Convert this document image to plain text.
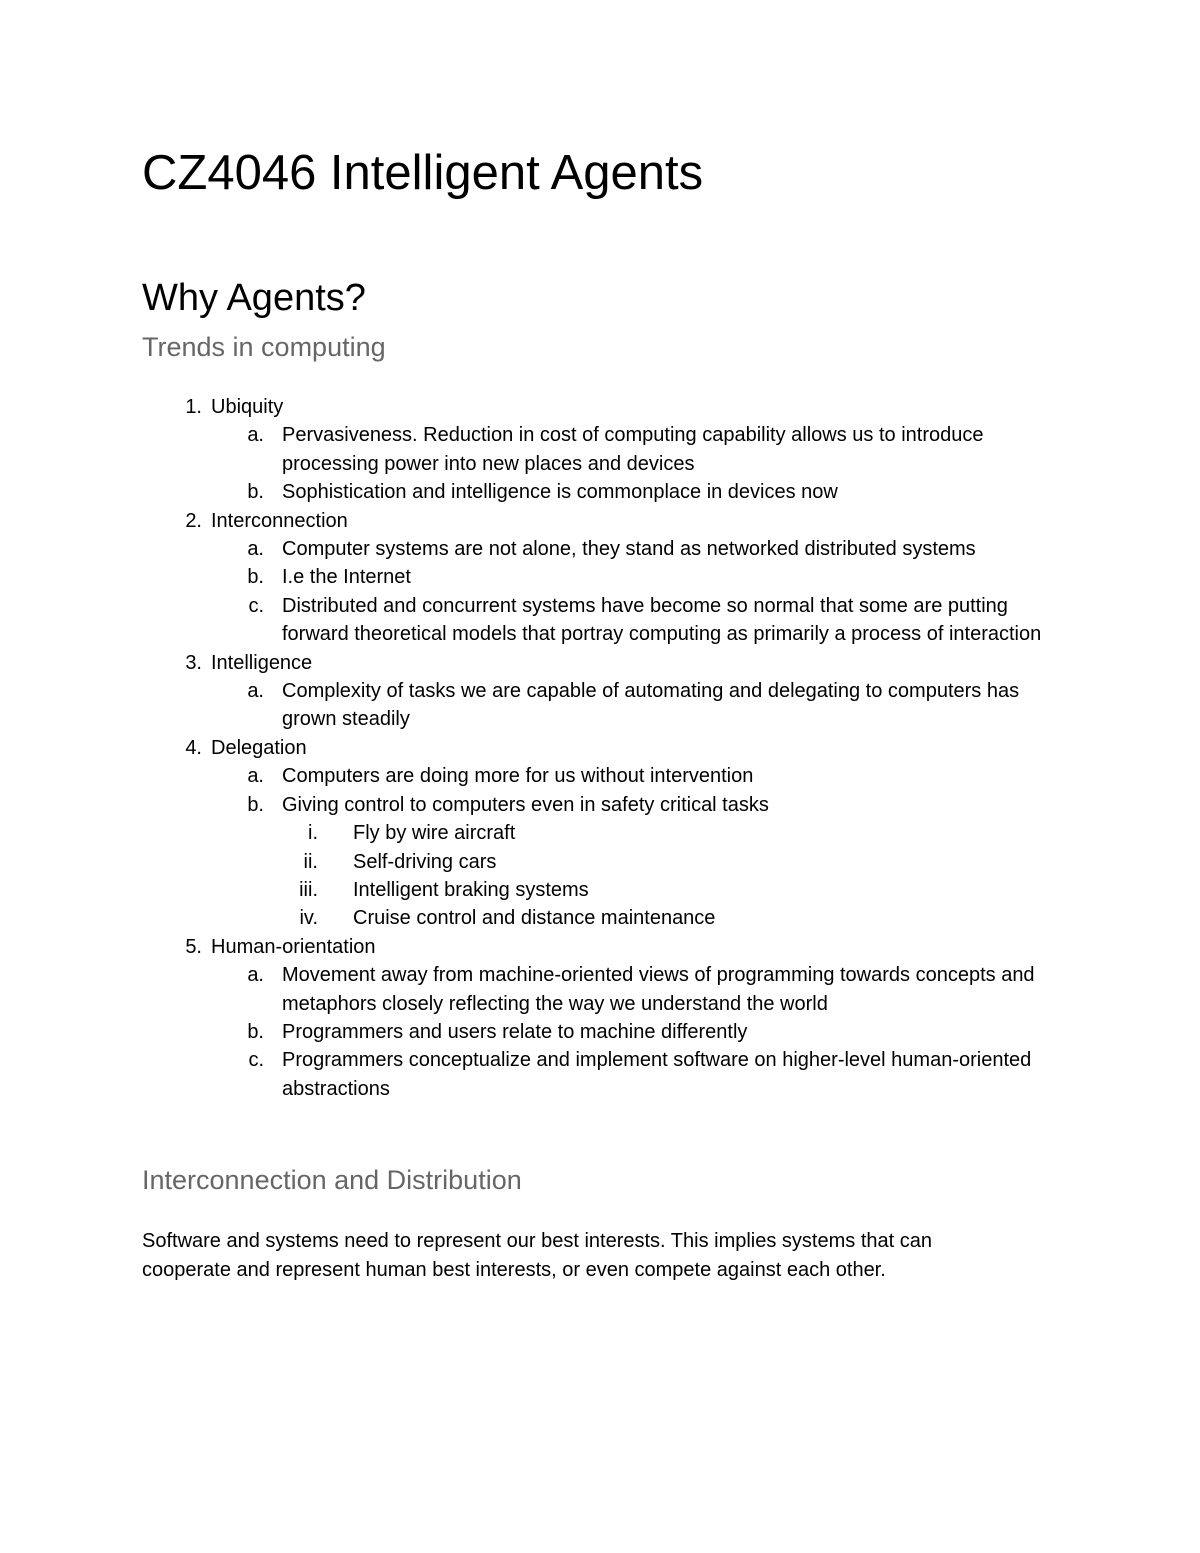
CZ4046 Intelligent Agents
Why Agents?
Trends in computing
1. Ubiquity
a. Pervasiveness. Reduction in cost of computing capability allows us to introduce processing power into new places and devices
b. Sophistication and intelligence is commonplace in devices now
2. Interconnection
a. Computer systems are not alone, they stand as networked distributed systems
b. I.e the Internet
c. Distributed and concurrent systems have become so normal that some are putting forward theoretical models that portray computing as primarily a process of interaction
3. Intelligence
a. Complexity of tasks we are capable of automating and delegating to computers has grown steadily
4. Delegation
a. Computers are doing more for us without intervention
b. Giving control to computers even in safety critical tasks
i. Fly by wire aircraft
ii. Self-driving cars
iii. Intelligent braking systems
iv. Cruise control and distance maintenance
5. Human-orientation
a. Movement away from machine-oriented views of programming towards concepts and metaphors closely reflecting the way we understand the world
b. Programmers and users relate to machine differently
c. Programmers conceptualize and implement software on higher-level human-oriented abstractions
Interconnection and Distribution

Software and systems need to represent our best interests. This implies systems that can cooperate and represent human best interests, or even compete against each other.
